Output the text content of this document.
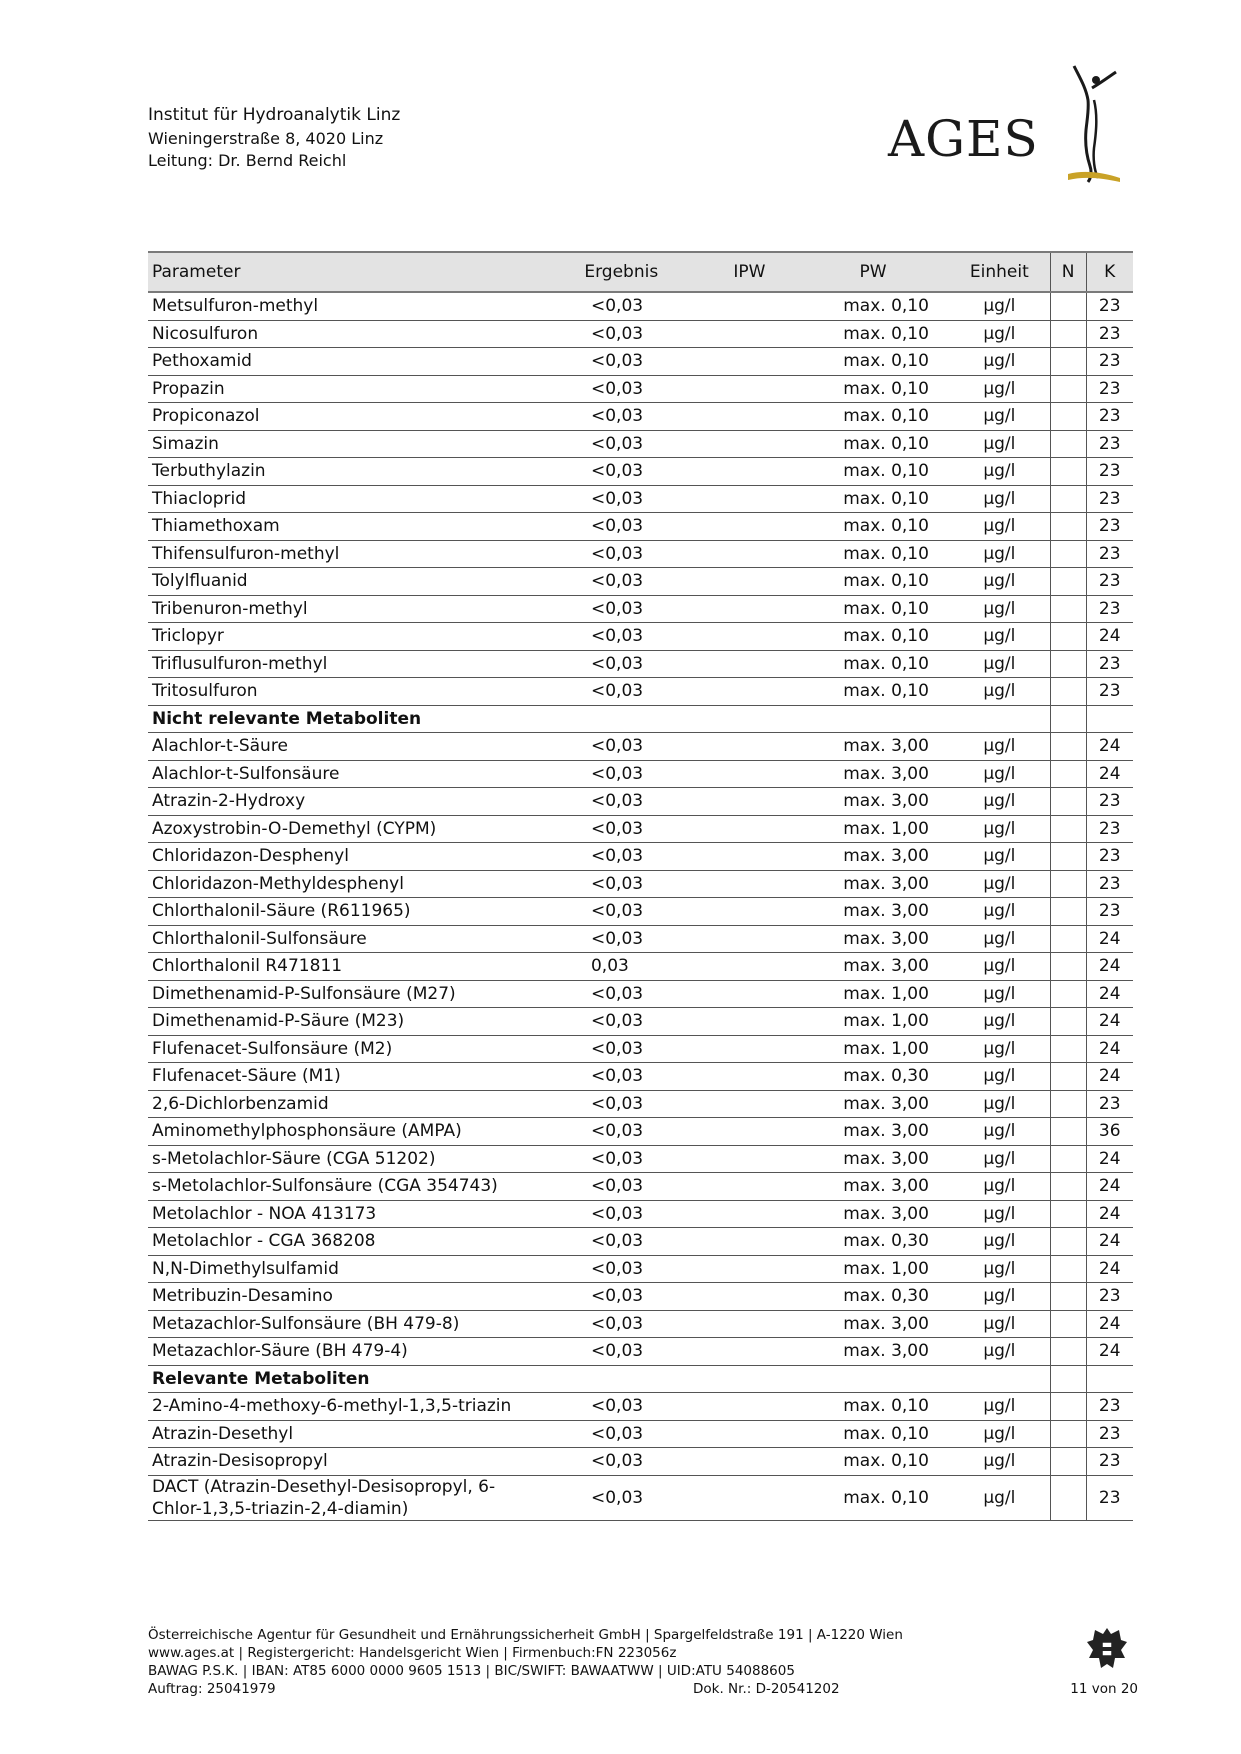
Institut für Hydroanalytik Linz
Wieningerstraße 8, 4020 Linz
Leitung: Dr. Bernd Reichl	AGES
Parameter	Ergebnis	IPW	PW	Einheit	N	K
Metsulfuron-methyl	<0,03		max. 0,10	µg/l		23
Nicosulfuron	<0,03		max. 0,10	µg/l		23
Pethoxamid	<0,03		max. 0,10	µg/l		23
Propazin	<0,03		max. 0,10	µg/l		23
Propiconazol	<0,03		max. 0,10	µg/l		23
Simazin	<0,03		max. 0,10	µg/l		23
Terbuthylazin	<0,03		max. 0,10	µg/l		23
Thiacloprid	<0,03		max. 0,10	µg/l		23
Thiamethoxam	<0,03		max. 0,10	µg/l		23
Thifensulfuron-methyl	<0,03		max. 0,10	µg/l		23
Tolylfluanid	<0,03		max. 0,10	µg/l		23
Tribenuron-methyl	<0,03		max. 0,10	µg/l		23
Triclopyr	<0,03		max. 0,10	µg/l		24
Triflusulfuron-methyl	<0,03		max. 0,10	µg/l		23
Tritosulfuron	<0,03		max. 0,10	µg/l		23
Nicht relevante Metaboliten						
Alachlor-t-Säure	<0,03		max. 3,00	µg/l		24
Alachlor-t-Sulfonsäure	<0,03		max. 3,00	µg/l		24
Atrazin-2-Hydroxy	<0,03		max. 3,00	µg/l		23
Azoxystrobin-O-Demethyl (CYPM)	<0,03		max. 1,00	µg/l		23
Chloridazon-Desphenyl	<0,03		max. 3,00	µg/l		23
Chloridazon-Methyldesphenyl	<0,03		max. 3,00	µg/l		23
Chlorthalonil-Säure (R611965)	<0,03		max. 3,00	µg/l		23
Chlorthalonil-Sulfonsäure	<0,03		max. 3,00	µg/l		24
Chlorthalonil R471811	0,03		max. 3,00	µg/l		24
Dimethenamid-P-Sulfonsäure (M27)	<0,03		max. 1,00	µg/l		24
Dimethenamid-P-Säure (M23)	<0,03		max. 1,00	µg/l		24
Flufenacet-Sulfonsäure (M2)	<0,03		max. 1,00	µg/l		24
Flufenacet-Säure (M1)	<0,03		max. 0,30	µg/l		24
2,6-Dichlorbenzamid	<0,03		max. 3,00	µg/l		23
Aminomethylphosphonsäure (AMPA)	<0,03		max. 3,00	µg/l		36
s-Metolachlor-Säure (CGA 51202)	<0,03		max. 3,00	µg/l		24
s-Metolachlor-Sulfonsäure (CGA 354743)	<0,03		max. 3,00	µg/l		24
Metolachlor - NOA 413173	<0,03		max. 3,00	µg/l		24
Metolachlor - CGA 368208	<0,03		max. 0,30	µg/l		24
N,N-Dimethylsulfamid	<0,03		max. 1,00	µg/l		24
Metribuzin-Desamino	<0,03		max. 0,30	µg/l		23
Metazachlor-Sulfonsäure (BH 479-8)	<0,03		max. 3,00	µg/l		24
Metazachlor-Säure (BH 479-4)	<0,03		max. 3,00	µg/l		24
Relevante Metaboliten						
2-Amino-4-methoxy-6-methyl-1,3,5-triazin	<0,03		max. 0,10	µg/l		23
Atrazin-Desethyl	<0,03		max. 0,10	µg/l		23
Atrazin-Desisopropyl	<0,03		max. 0,10	µg/l		23
DACT (Atrazin-Desethyl-Desisopropyl, 6-Chlor-1,3,5-triazin-2,4-diamin)	<0,03		max. 0,10	µg/l		23
Österreichische Agentur für Gesundheit und Ernährungssicherheit GmbH | Spargelfeldstraße 191 | A-1220 Wien
www.ages.at | Registergericht: Handelsgericht Wien | Firmenbuch:FN 223056z
BAWAG P.S.K. | IBAN: AT85 6000 0000 9605 1513 | BIC/SWIFT: BAWAATWW | UID:ATU 54088605
Auftrag: 25041979	Dok. Nr.: D-20541202	11 von 20
